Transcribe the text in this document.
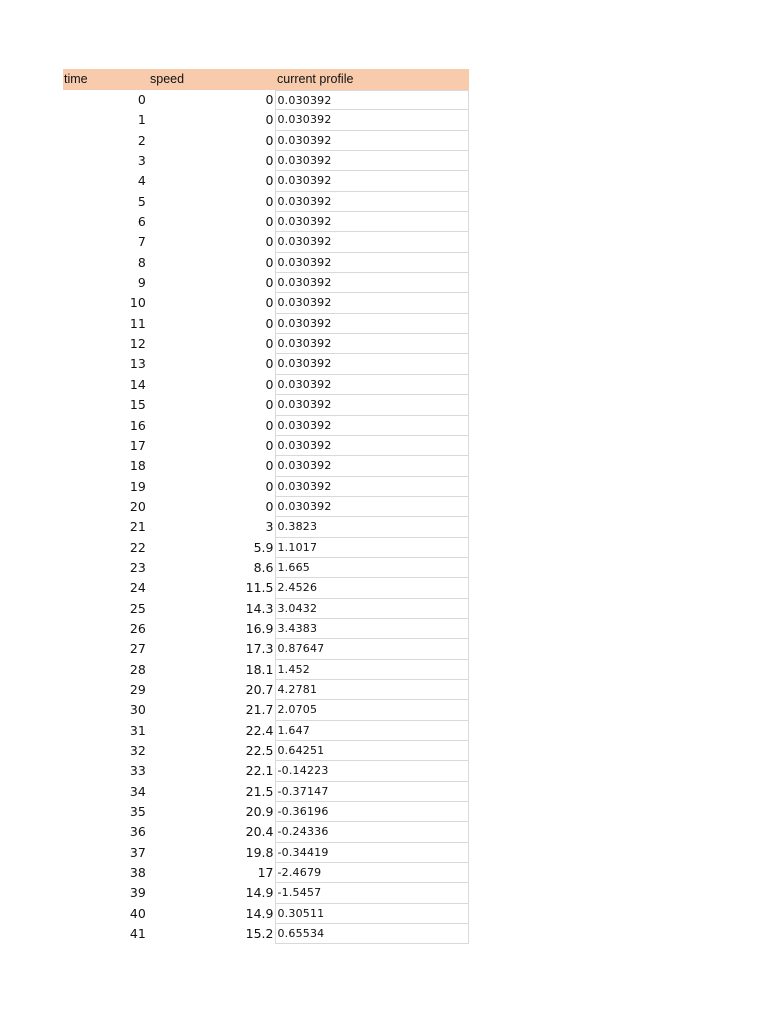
time	speed	current profile
0	0 0.030392
1	0 0.030392
2	0 0.030392
3	0 0.030392
4	0 0.030392
5	0 0.030392
6	0 0.030392
7	0 0.030392
8	0 0.030392
9	0 0.030392
10	0 0.030392
11	0 0.030392
12	0 0.030392
13	0 0.030392
14	0 0.030392
15	0 0.030392
16	0 0.030392
17	0 0.030392
18	0 0.030392
19	0 0.030392
20	0 0.030392
21	3 0.3823
22	5.9 1.1017
23	8.6 1.665
24	11.5 2.4526
25	14.3 3.0432
26	16.9 3.4383
27	17.3 0.87647
28	18.1 1.452
29	20.7 4.2781
30	21.7 2.0705
31	22.4 1.647
32	22.5 0.64251
33	22.1 -0.14223
34	21.5 -0.37147
35	20.9 -0.36196
36	20.4 -0.24336
37	19.8 -0.34419
38	17 -2.4679
39	14.9 -1.5457
40	14.9 0.30511
41	15.2 0.65534
